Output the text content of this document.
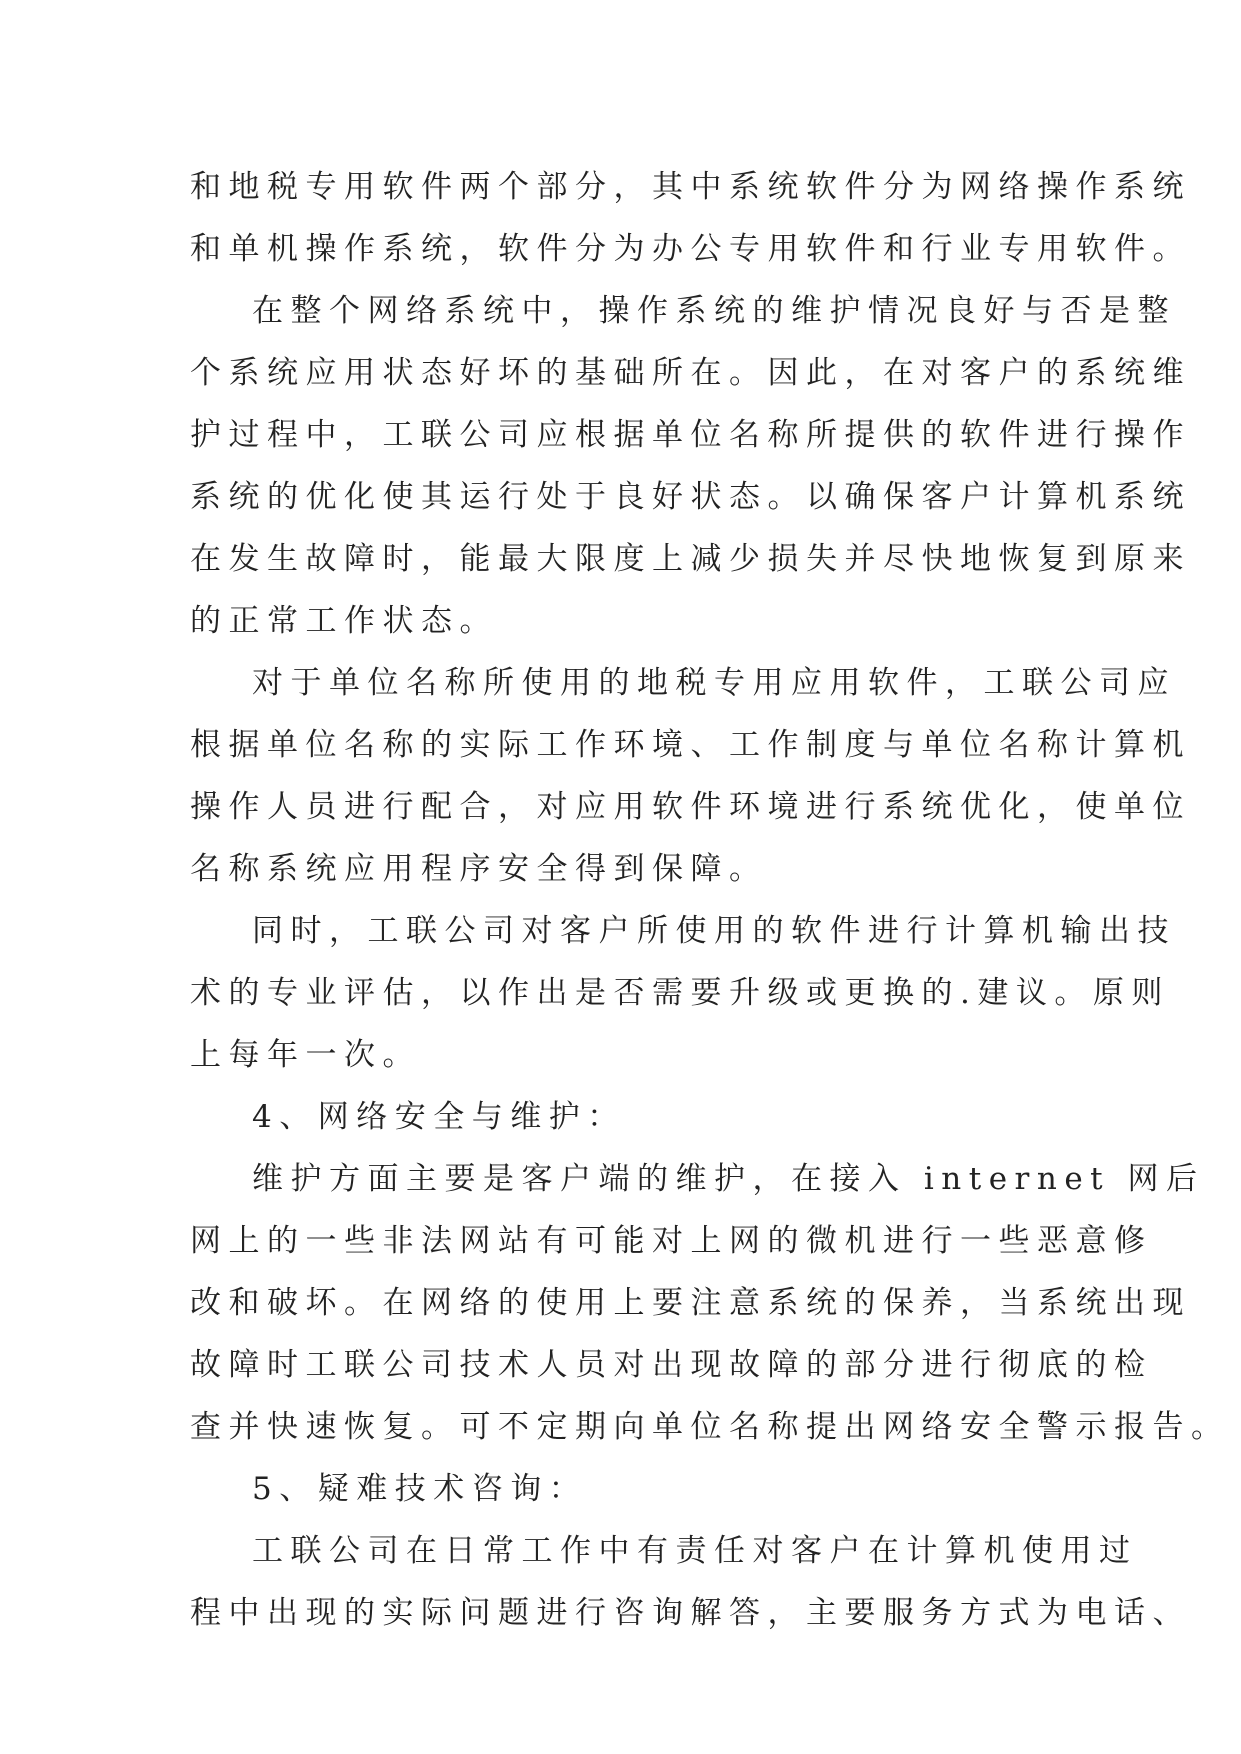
和地税专用软件两个部分，其中系统软件分为网络操作系统
和单机操作系统，软件分为办公专用软件和行业专用软件。
在整个网络系统中，操作系统的维护情况良好与否是整
个系统应用状态好坏的基础所在。因此，在对客户的系统维
护过程中，工联公司应根据单位名称所提供的软件进行操作
系统的优化使其运行处于良好状态。以确保客户计算机系统
在发生故障时，能最大限度上减少损失并尽快地恢复到原来
的正常工作状态。
对于单位名称所使用的地税专用应用软件，工联公司应
根据单位名称的实际工作环境、工作制度与单位名称计算机
操作人员进行配合，对应用软件环境进行系统优化，使单位
名称系统应用程序安全得到保障。
同时，工联公司对客户所使用的软件进行计算机输出技
术的专业评估，以作出是否需要升级或更换的.建议。原则
上每年一次。
4、网络安全与维护：
维护方面主要是客户端的维护，在接入 internet 网后
网上的一些非法网站有可能对上网的微机进行一些恶意修
改和破坏。在网络的使用上要注意系统的保养，当系统出现
故障时工联公司技术人员对出现故障的部分进行彻底的检
查并快速恢复。可不定期向单位名称提出网络安全警示报告。
5、疑难技术咨询：
工联公司在日常工作中有责任对客户在计算机使用过
程中出现的实际问题进行咨询解答，主要服务方式为电话、
